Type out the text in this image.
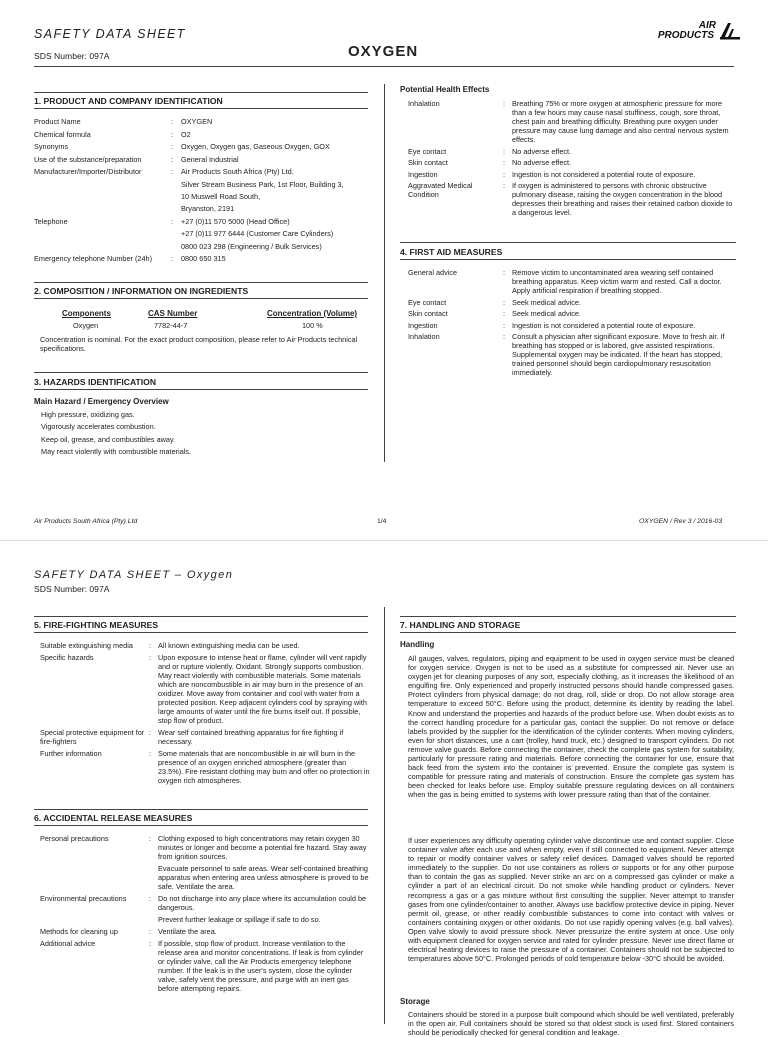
SAFETY DATA SHEET
SDS Number: 097A	OXYGEN
AIR
PRODUCTS
1. PRODUCT AND COMPANY IDENTIFICATION
Product Name	: OXYGEN
Chemical formula	: O2
Synonyms	: Oxygen, Oxygen gas, Gaseous Oxygen, GOX
Use of the substance/preparation	: General Industrial
Manufacturer/Importer/Distributor	: Air Products South Africa (Pty) Ltd.
Silver Stream Business Park, 1st Floor, Building 3,
10 Muswell Road South,
Bryanston, 2191
Telephone	: +27 (0)11 570 5000 (Head Office)
+27 (0)11 977 6444 (Customer Care Cylinders)
0800 023 298 (Engineering / Bulk Services)
Emergency telephone Number (24h)	: 0800 650 315
2. COMPOSITION / INFORMATION ON INGREDIENTS
Components	CAS Number	Concentration (Volume)
Oxygen	7782-44-7	100 %
Concentration is nominal. For the exact product composition, please refer to Air Products technical specifications.
3. HAZARDS IDENTIFICATION
Main Hazard / Emergency Overview
High pressure, oxidizing gas.
Vigorously accelerates combustion.
Keep oil, grease, and combustibles away.
May react violently with combustible materials.
Potential Health Effects
Inhalation	: Breathing 75% or more oxygen at atmospheric pressure for more than a few hours may cause nasal stuffiness, cough, sore throat, chest pain and breathing difficulty. Breathing pure oxygen under pressure may cause lung damage and also central nervous system effects.
Eye contact	: No adverse effect.
Skin contact	: No adverse effect.
Ingestion	: Ingestion is not considered a potential route of exposure.
Aggravated Medical Condition
: If oxygen is administered to persons with chronic obstructive pulmonary disease, raising the oxygen concentration in the blood depresses their breathing and raises their retained carbon dioxide to a dangerous level.
4. FIRST AID MEASURES
General advice	: Remove victim to uncontaminated area wearing self contained breathing apparatus. Keep victim warm and rested. Call a doctor. Apply artificial respiration if breathing stopped.
Eye contact	: Seek medical advice.
Skin contact	: Seek medical advice.
Ingestion	: Ingestion is not considered a potential route of exposure.
Inhalation	: Consult a physician after significant exposure. Move to fresh air. If breathing has stopped or is labored, give assisted respirations. Supplemental oxygen may be indicated. If the heart has stopped, trained personnel should begin cardiopulmonary resuscitation immediately.
Air Products South Africa (Pty) Ltd	1/4	OXYGEN / Rev 3 / 2016-03
SAFETY DATA SHEET – Oxygen
SDS Number: 097A
5. FIRE-FIGHTING MEASURES
Suitable extinguishing media	: All known extinguishing media can be used.
Specific hazards	: Upon exposure to intense heat or flame, cylinder will vent rapidly and or rupture violently. Oxidant. Strongly supports combustion. May react violently with combustible materials. Some materials which are noncombustible in air may burn in the presence of an oxidizer. Move away from container and cool with water from a protected position. Keep adjacent cylinders cool by spraying with large amounts of water until the fire burns itself out. If possible, stop flow of product.
Special protective equipment for fire-fighters
: Wear self contained breathing apparatus for fire fighting if necessary.
Further information	: Some materials that are noncombustible in air will burn in the presence of an oxygen enriched atmosphere (greater than 23.5%). Fire resistant clothing may burn and offer no protection in oxygen rich atmospheres.
6. ACCIDENTAL RELEASE MEASURES
Personal precautions	: Clothing exposed to high concentrations may retain oxygen 30 minutes or longer and become a potential fire hazard. Stay away from ignition sources.
Evacuate personnel to safe areas. Wear self-contained breathing apparatus when entering area unless atmosphere is proved to be safe. Ventilate the area.
Environmental precautions	: Do not discharge into any place where its accumulation could be dangerous.
Prevent further leakage or spillage if safe to do so.
Methods for cleaning up	: Ventilate the area.
Additional advice	: If possible, stop flow of product. Increase ventilation to the release area and monitor concentrations. If leak is from cylinder or cylinder valve, call the Air Products emergency telephone number. If the leak is in the user's system, close the cylinder valve, safely vent the pressure, and purge with an inert gas before attempting repairs.
7. HANDLING AND STORAGE
Handling

All gauges, valves, regulators, piping and equipment to be used in oxygen service must be cleaned for oxygen service. Oxygen is not to be used as a substitute for compressed air. Never use an oxygen jet for cleaning purposes of any sort, especially clothing, as it increases the likelihood of an engulfing fire. Only experienced and properly instructed persons should handle compressed gases. Protect cylinders from physical damage; do not drag, roll, slide or drop. Do not allow storage area temperature to exceed 50°C. Before using the product, determine its identity by reading the label. Know and understand the properties and hazards of the product before use. When doubt exists as to the correct handling procedure for a particular gas, contact the supplier. Do not remove or deface labels provided by the supplier for the identification of the cylinder contents. When moving cylinders, even for short distances, use a cart (trolley, hand truck, etc.) designed to transport cylinders. Do not remove valve guards. Before connecting the container, check the complete gas system for suitability, particularly for pressure rating and materials. Before connecting the container for use, ensure that back feed from the system into the container is prevented. Ensure the complete gas system is compatible for pressure rating and materials of construction. Ensure the complete gas system has been checked for leaks before use. Employ suitable pressure regulating devices on all containers when the gas is being emitted to systems with lower pressure rating than that of the container.

If user experiences any difficulty operating cylinder valve discontinue use and contact supplier. Close container valve after each use and when empty, even if still connected to equipment. Never attempt to repair or modify container valves or safety relief devices. Damaged valves should be reported immediately to the supplier. Do not use containers as rollers or supports or for any other purpose than to contain the gas as supplied. Never strike an arc on a compressed gas cylinder or make a cylinder a part of an electrical circuit. Do not smoke while handling product or cylinders. Never recompress a gas or a gas mixture without first consulting the supplier. Never attempt to transfer gases from one cylinder/container to another. Always use backflow protective device in piping. Never permit oil, grease, or other readily combustible substances to come into contact with valves or containers containing oxygen or other oxidants. Do not use rapidly opening valves (e.g. ball valves). Open valve slowly to avoid pressure shock. Never pressurize the entire system at once. Use only with equipment cleaned for oxygen service and rated for cylinder pressure. Never use direct flame or electrical heating devices to raise the pressure of a container. Containers should not be subjected to temperatures above 50°C. Prolonged periods of cold temperature below -30°C should be avoided.

Storage

Containers should be stored in a purpose built compound which should be well ventilated, preferably in the open air. Full containers should be stored so that oldest stock is used first. Stored containers should be periodically checked for general condition and leakage.
